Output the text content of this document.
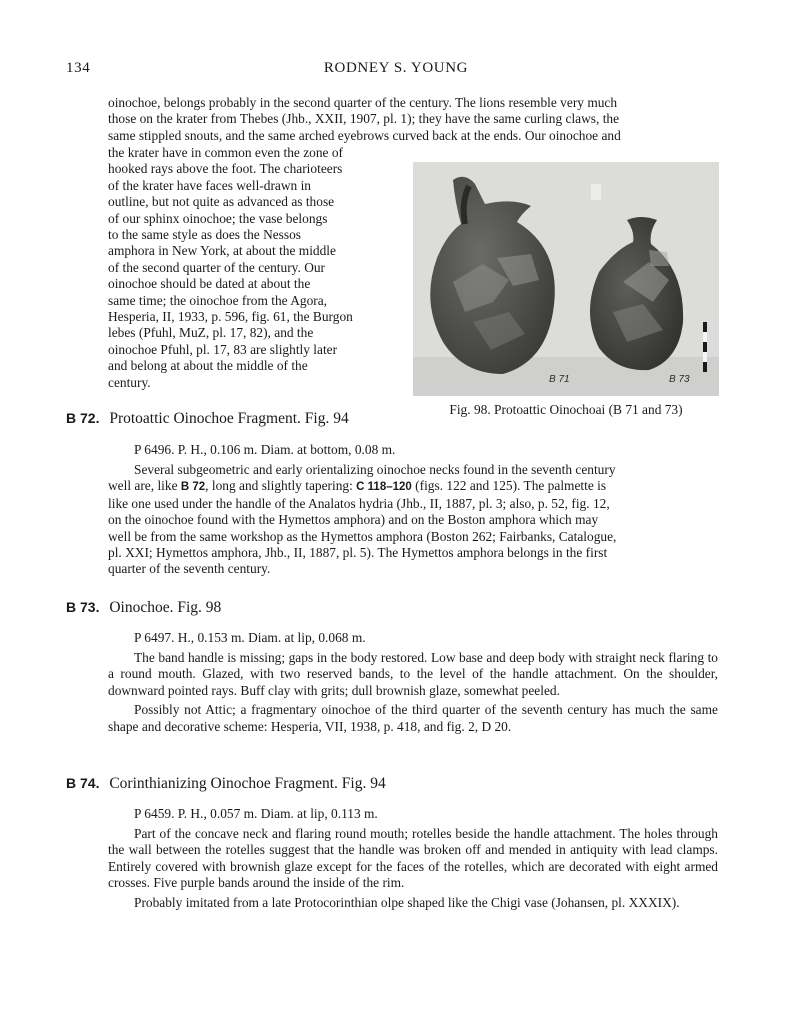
134	RODNEY S. YOUNG

oinochoe, belongs probably in the second quarter of the century. The lions resemble very much

those on the krater from Thebes (Jhb., XXII, 1907, pl. 1); they have the same curling claws, the

same stippled snouts, and the same arched eyebrows curved back at the ends. Our oinochoe and

the krater have in common even the zone of

hooked rays above the foot. The charioteers

of the krater have faces well-drawn in

outline, but not quite as advanced as those

of our sphinx oinochoe; the vase belongs

to the same style as does the Nessos

amphora in New York, at about the middle

of the second quarter of the century. Our

oinochoe should be dated at about the

same time; the oinochoe from the Agora,

Hesperia, II, 1933, p. 596, fig. 61, the Burgon

lebes (Pfuhl, MuZ, pl. 17, 82), and the

oinochoe Pfuhl, pl. 17, 83 are slightly later

and belong at about the middle of the

century.	B 71	B 73
Fig. 98. Protoattic Oinochoai (B 71 and 73)
B 72. Protoattic Oinochoe Fragment. Fig. 94
P 6496. P. H., 0.106 m. Diam. at bottom, 0.08 m.

Several subgeometric and early orientalizing oinochoe necks found in the seventh century

well are, like B 72, long and slightly tapering: C 118–120 (figs. 122 and 125). The palmette is

like one used under the handle of the Analatos hydria (Jhb., II, 1887, pl. 3; also, p. 52, fig. 12,

on the oinochoe found with the Hymettos amphora) and on the Boston amphora which may

well be from the same workshop as the Hymettos amphora (Boston 262; Fairbanks, Catalogue,

pl. XXI; Hymettos amphora, Jhb., II, 1887, pl. 5). The Hymettos amphora belongs in the first

quarter of the seventh century.

B 73. Oinochoe. Fig. 98
P 6497. H., 0.153 m. Diam. at lip, 0.068 m.

The band handle is missing; gaps in the body restored. Low base and deep body with straight neck flaring to a round mouth. Glazed, with two reserved bands, to the level of the handle attachment. On the shoulder, downward pointed rays. Buff clay with grits; dull brownish glaze, somewhat peeled.

Possibly not Attic; a fragmentary oinochoe of the third quarter of the seventh century has much the same shape and decorative scheme: Hesperia, VII, 1938, p. 418, and fig. 2, D 20.

B 74. Corinthianizing Oinochoe Fragment. Fig. 94
P 6459. P. H., 0.057 m. Diam. at lip, 0.113 m.

Part of the concave neck and flaring round mouth; rotelles beside the handle attachment. The holes through the wall between the rotelles suggest that the handle was broken off and mended in antiquity with lead clamps. Entirely covered with brownish glaze except for the faces of the rotelles, which are decorated with eight armed crosses. Five purple bands around the inside of the rim.

Probably imitated from a late Protocorinthian olpe shaped like the Chigi vase (Johansen, pl. XXXIX).
